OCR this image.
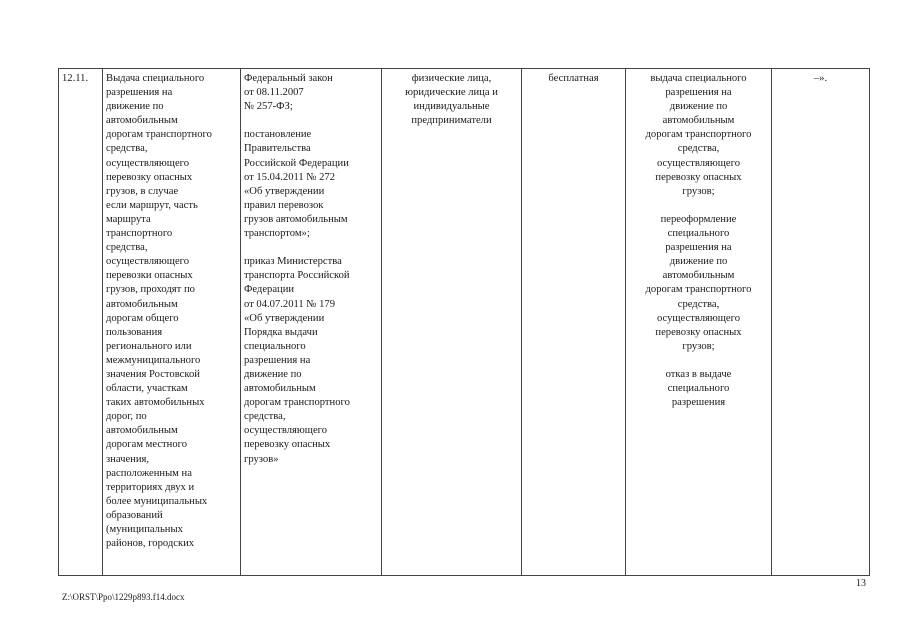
12.11.	Выдача специального
разрешения на
движение по
автомобильным
дорогам транспортного
средства,
осуществляющего
перевозку опасных
грузов, в случае
если маршрут, часть
маршрута
транспортного
средства,
осуществляющего
перевозки опасных
грузов, проходят по
автомобильным
дорогам общего
пользования
регионального или
межмуниципального
значения Ростовской
области, участкам
таких автомобильных
дорог, по
автомобильным
дорогам местного
значения,
расположенным на
территориях двух и
более муниципальных
образований
(муниципальных
районов, городских	Федеральный закон
от 08.11.2007
№ 257-ФЗ;

постановление
Правительства
Российской Федерации
от 15.04.2011 № 272
«Об утверждении
правил перевозок
грузов автомобильным
транспортом»;

приказ Министерства
транспорта Российской
Федерации
от 04.07.2011 № 179
«Об утверждении
Порядка выдачи
специального
разрешения на
движение по
автомобильным
дорогам транспортного
средства,
осуществляющего
перевозку опасных
грузов»	физические лица,
юридические лица и
индивидуальные
предприниматели	бесплатная	выдача специального
разрешения на
движение по
автомобильным
дорогам транспортного
средства,
осуществляющего
перевозку опасных
грузов;

переоформление
специального
разрешения на
движение по
автомобильным
дорогам транспортного
средства,
осуществляющего
перевозку опасных
грузов;

отказ в выдаче
специального
разрешения	–».
13
Z:\ORST\Ppo\1229p893.f14.docx
